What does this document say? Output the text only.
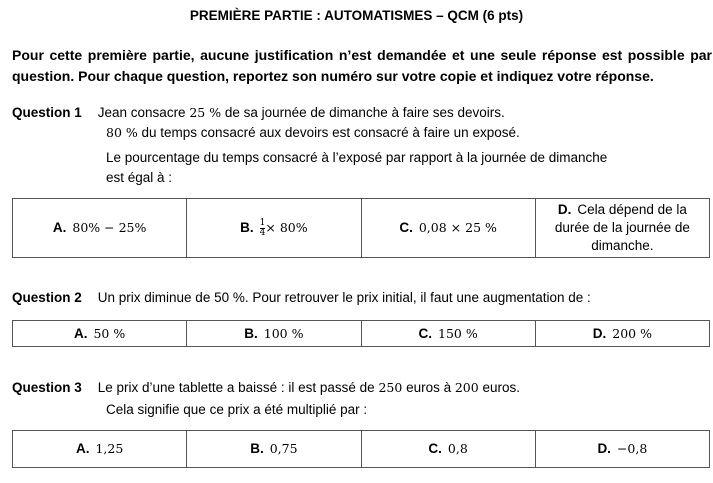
PREMIÈRE PARTIE : AUTOMATISMES – QCM (6 pts)
Pour cette première partie, aucune justification n’est demandée et une seule réponse est possible par question. Pour chaque question, reportez son numéro sur votre copie et indiquez votre réponse.
Question 1 Jean consacre 25 % de sa journée de dimanche à faire ses devoirs.
80 % du temps consacré aux devoirs est consacré à faire un exposé.
Le pourcentage du temps consacré à l’exposé par rapport à la journée de dimanche
est égal à :
A. 80% − 25%	B. $\frac{1}{4} \times 80\%$	C. 0,08 × 25 %	D. Cela dépend de la durée de la journée de dimanche.
Question 2 Un prix diminue de 50 %. Pour retrouver le prix initial, il faut une augmentation de :
A. 50 %	B. 100 %	C. 150 %	D. 200 %
Question 3 Le prix d’une tablette a baissé : il est passé de 250 euros à 200 euros.
Cela signifie que ce prix a été multiplié par :
A. 1,25	B. 0,75	C. 0,8	D. −0,8
